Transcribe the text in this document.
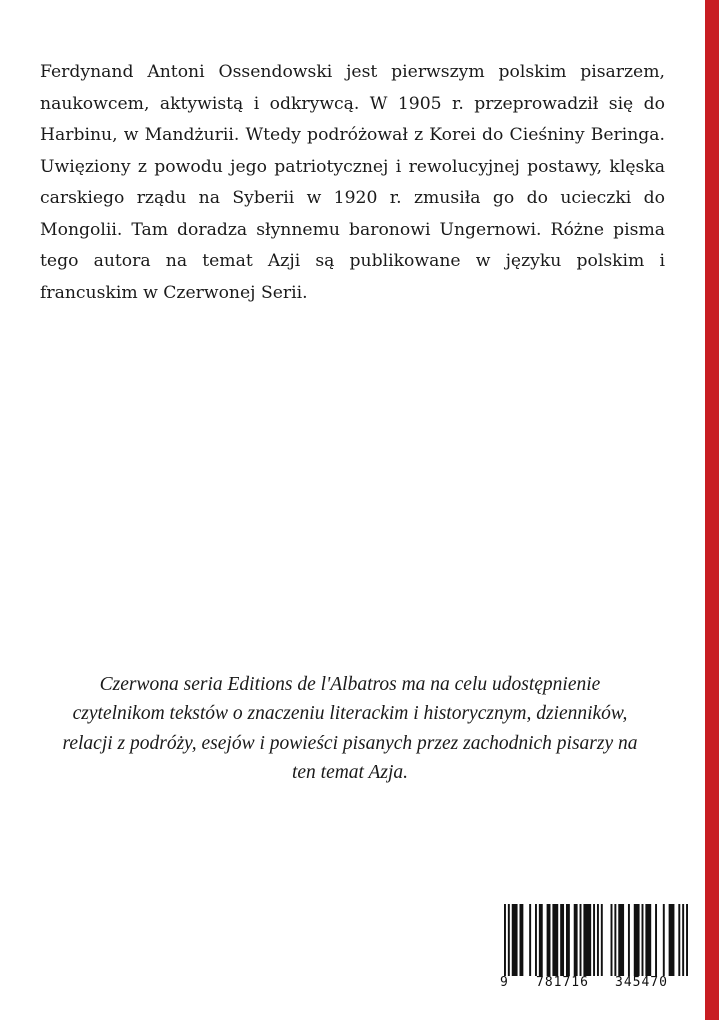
Ferdynand Antoni Ossendowski jest pierwszym polskim pisarzem, naukowcem, aktywistą i odkrywcą. W 1905 r. przeprowadził się do Harbinu, w Mandżurii. Wtedy podróżował z Korei do Cieśniny Beringa. Uwięziony z powodu jego patriotycznej i rewolucyjnej postawy, klęska carskiego rządu na Syberii w 1920 r. zmusiła go do ucieczki do Mongolii. Tam doradza słynnemu baronowi Ungernowi. Różne pisma tego autora na temat Azji są publikowane w języku polskim i francuskim w Czerwonej Serii.

Czerwona seria Editions de l'Albatros ma na celu udostępnienie czytelnikom tekstów o znaczeniu literackim i historycznym, dzienników, relacji z podróży, esejów i powieści pisanych przez zachodnich pisarzy na ten temat Azja.

9 781716 345470
